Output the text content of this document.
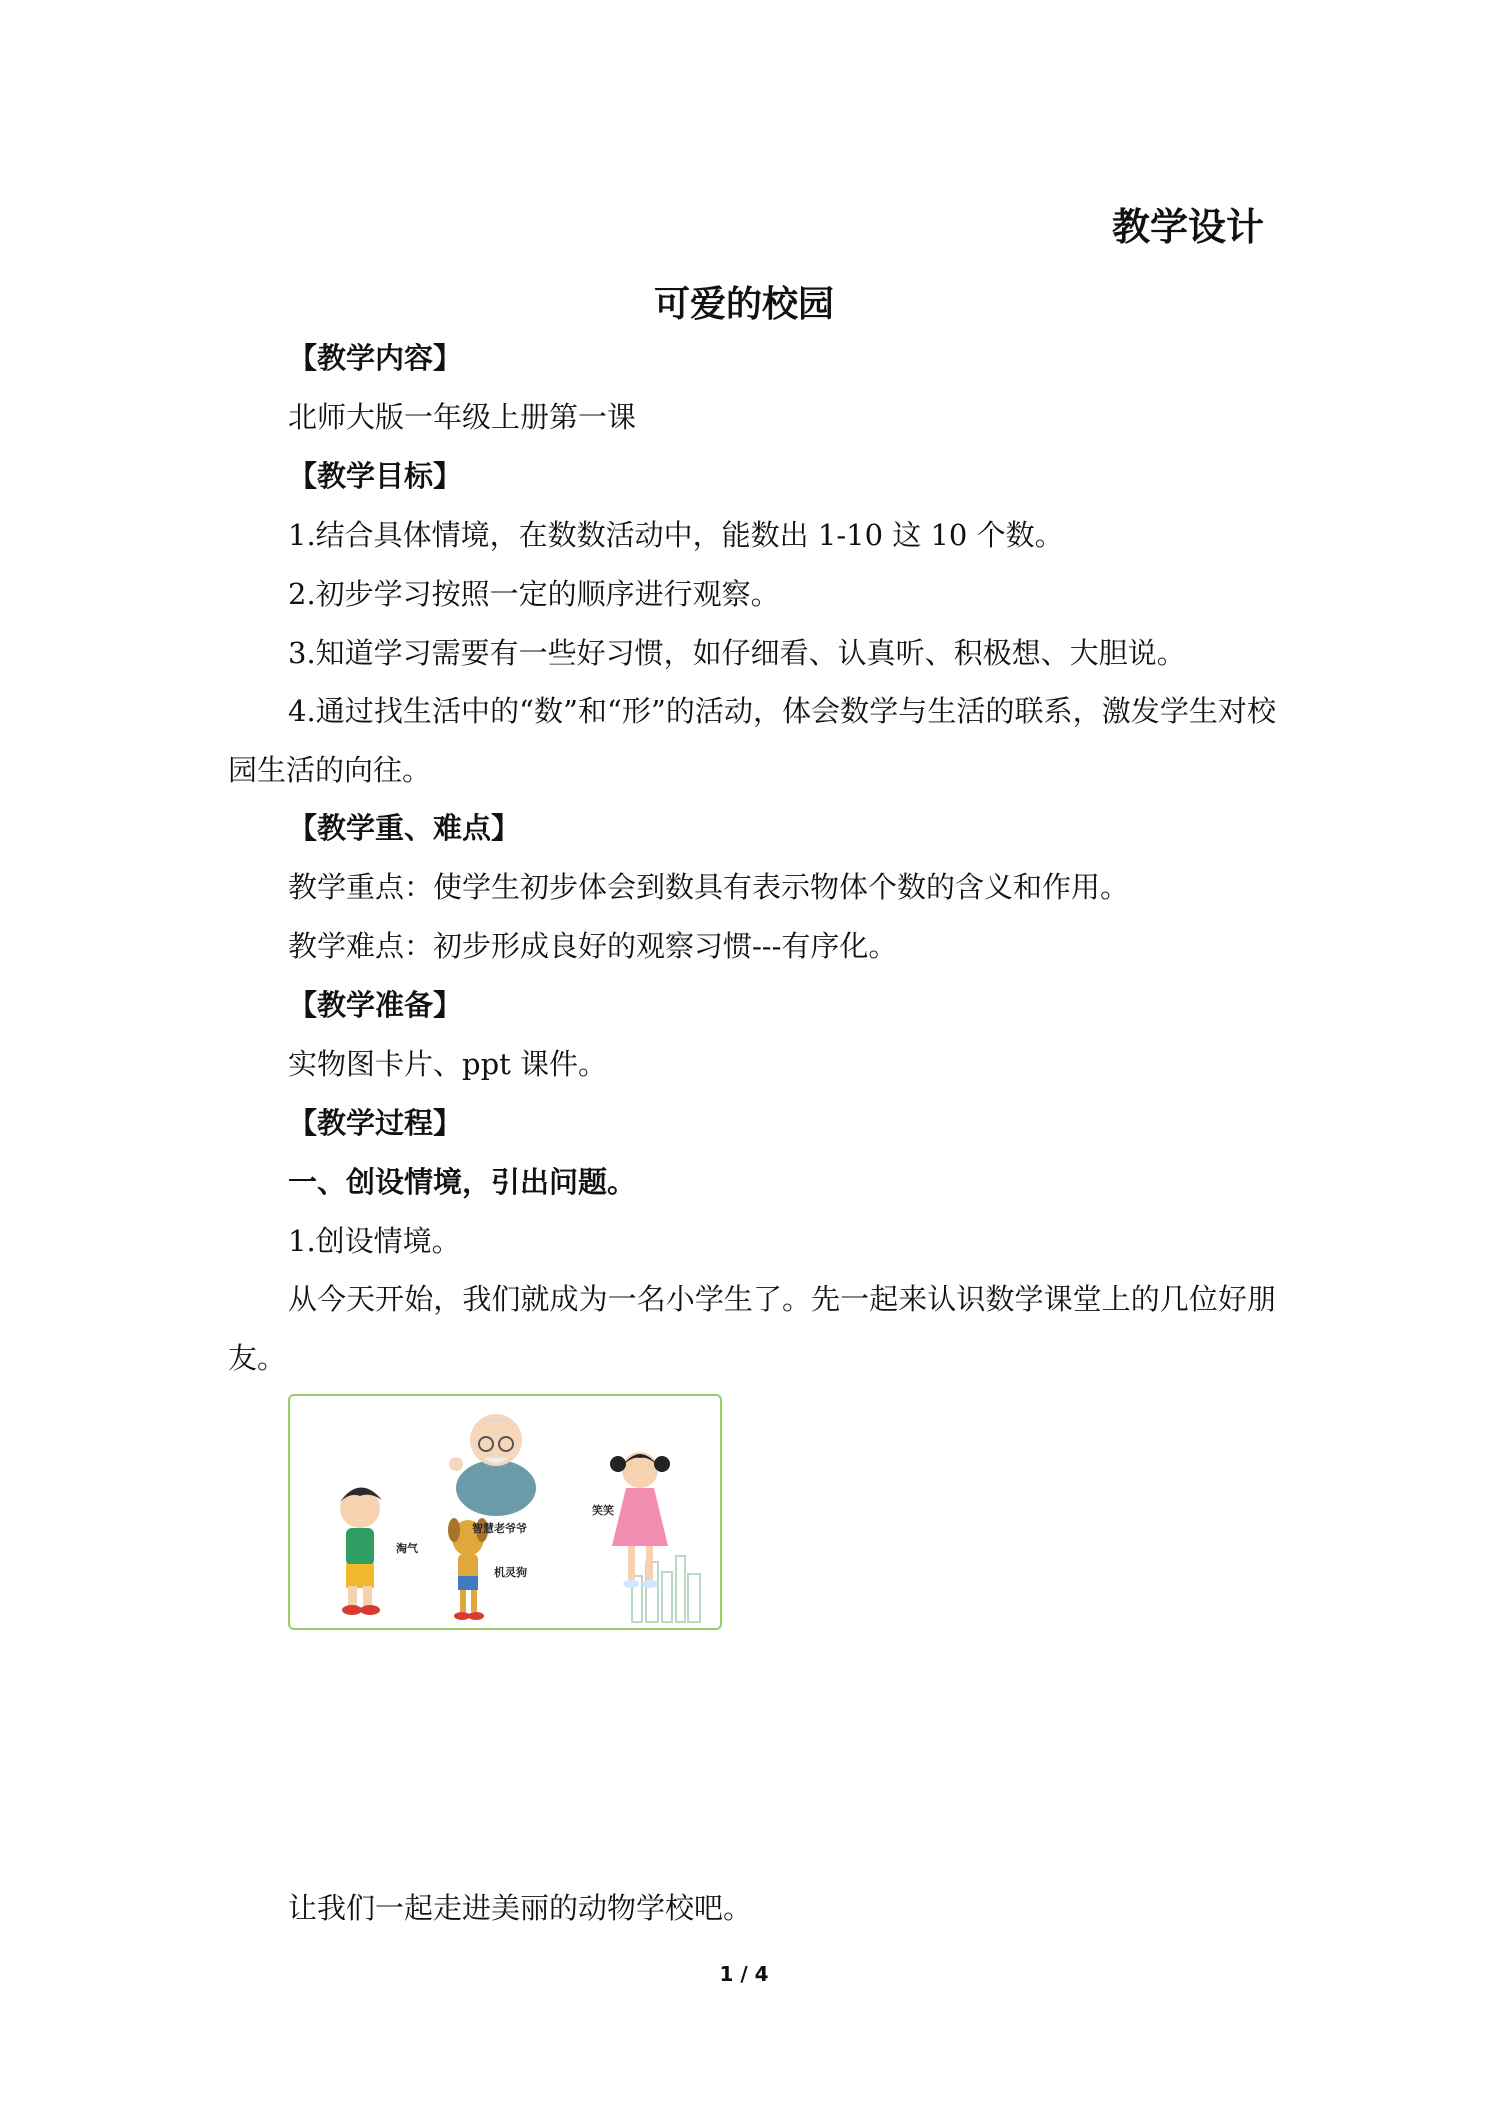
教学设计
可爱的校园
【教学内容】
北师大版一年级上册第一课
【教学目标】
1.结合具体情境，在数数活动中，能数出 1-10 这 10 个数。
2.初步学习按照一定的顺序进行观察。
3.知道学习需要有一些好习惯，如仔细看、认真听、积极想、大胆说。
4.通过找生活中的“数”和“形”的活动，体会数学与生活的联系，激发学生对校园生活的向往。
【教学重、难点】
教学重点：使学生初步体会到数具有表示物体个数的含义和作用。
教学难点：初步形成良好的观察习惯---有序化。
【教学准备】
实物图卡片、ppt 课件。
【教学过程】
一、创设情境，引出问题。
1.创设情境。
从今天开始，我们就成为一名小学生了。先一起来认识数学课堂上的几位好朋友。
淘气
智慧老爷爷
笑笑
机灵狗
让我们一起走进美丽的动物学校吧。
1 / 4
